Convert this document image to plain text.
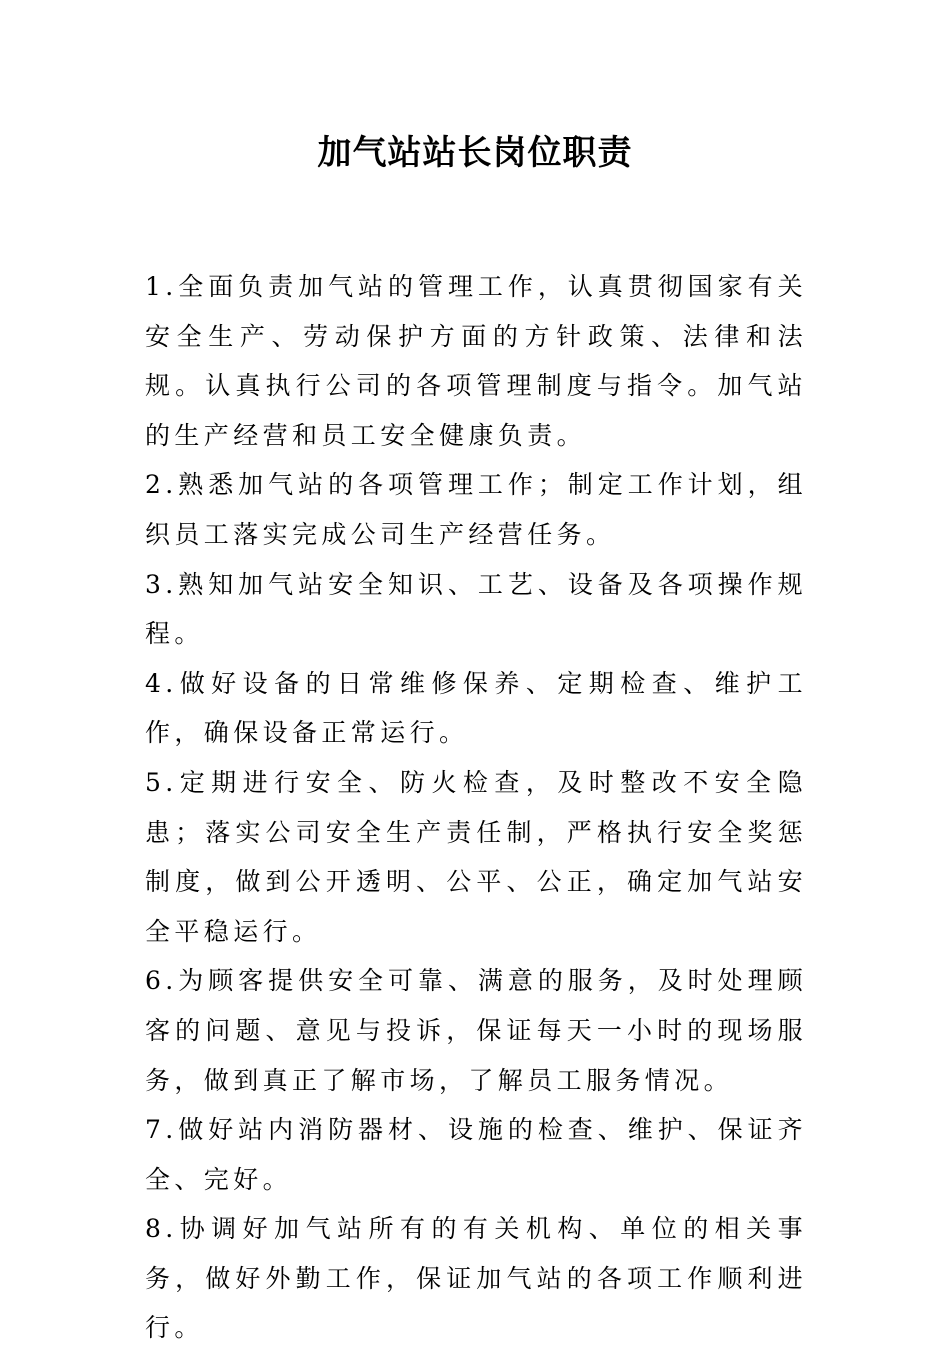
加气站站长岗位职责

1.全面负责加气站的管理工作，认真贯彻国家有关安全生产、劳动保护方面的方针政策、法律和法规。认真执行公司的各项管理制度与指令。加气站的生产经营和员工安全健康负责。

2.熟悉加气站的各项管理工作；制定工作计划，组织员工落实完成公司生产经营任务。

3.熟知加气站安全知识、工艺、设备及各项操作规程。

4.做好设备的日常维修保养、定期检查、维护工作，确保设备正常运行。

5.定期进行安全、防火检查，及时整改不安全隐患；落实公司安全生产责任制，严格执行安全奖惩制度，做到公开透明、公平、公正，确定加气站安全平稳运行。

6.为顾客提供安全可靠、满意的服务，及时处理顾客的问题、意见与投诉，保证每天一小时的现场服务，做到真正了解市场，了解员工服务情况。

7.做好站内消防器材、设施的检查、维护、保证齐全、完好。

8.协调好加气站所有的有关机构、单位的相关事务，做好外勤工作，保证加气站的各项工作顺利进行。
